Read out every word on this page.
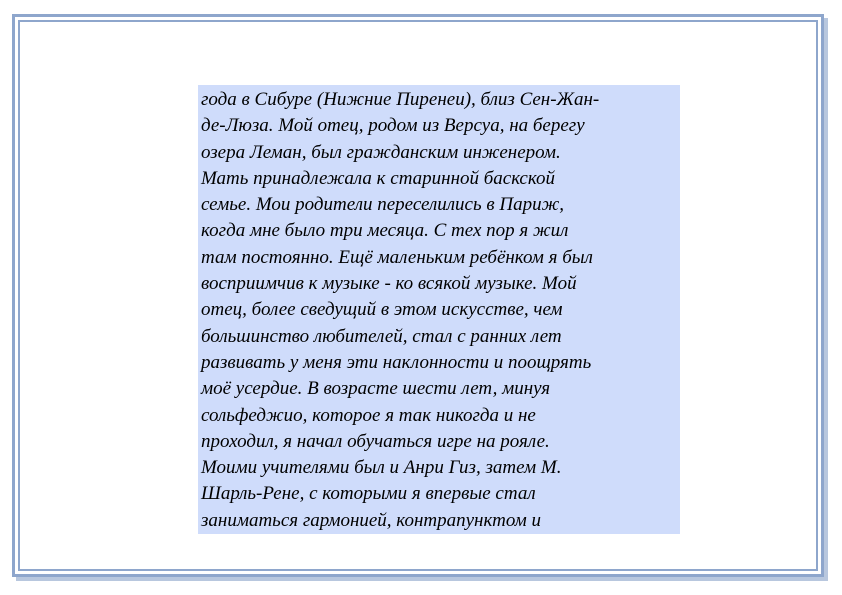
года в Сибуре (Нижние Пиренеи), близ Сен-Жан-
де-Люза. Мой отец, родом из Версуа, на берегу
озера Леман, был гражданским инженером.
Мать принадлежала к старинной баскской
семье. Мои родители переселились в Париж,
когда мне было три месяца. С тех пор я жил
там постоянно. Ещё маленьким ребёнком я был
восприимчив к музыке - ко всякой музыке. Мой
отец, более сведущий в этом искусстве, чем
большинство любителей, стал с ранних лет
развивать у меня эти наклонности и поощрять
моё усердие. В возрасте шести лет, минуя
сольфеджио, которое я так никогда и не
проходил, я начал обучаться игре на рояле.
Моими учителями был и Анри Гиз, затем М.
Шарль-Рене, с которыми я впервые стал
заниматься гармонией, контрапунктом и
